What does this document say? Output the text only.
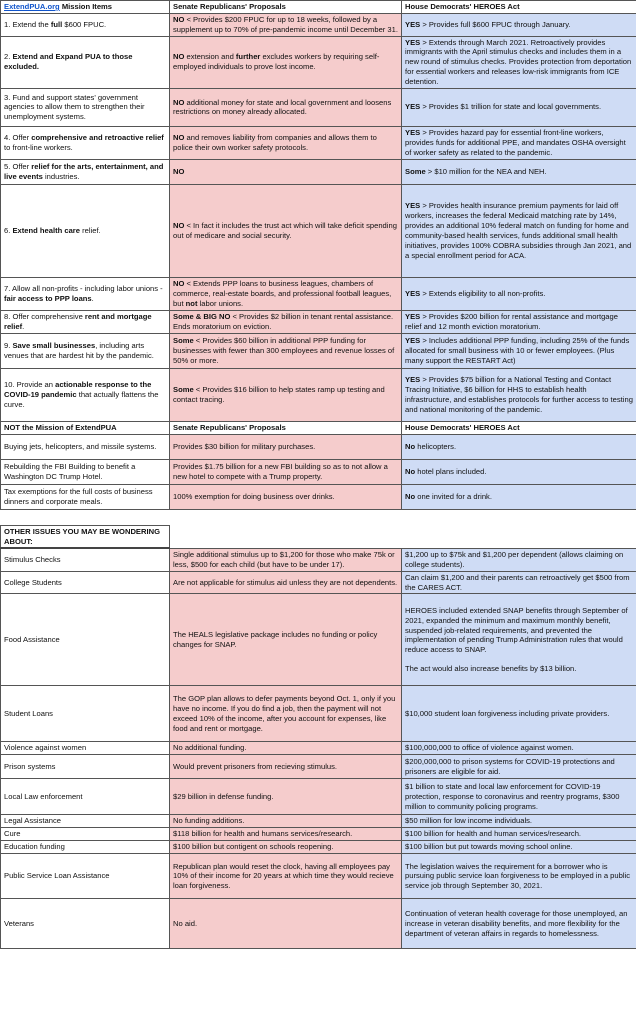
ExtendPUA.org Mission Items	Senate Republicans' Proposals	House Democrats' HEROES Act
1. Extend the full $600 FPUC.	NO < Provides $200 FPUC for up to 18 weeks, followed by a supplement up to 70% of pre-pandemic income until December 31.	YES > Provides full $600 FPUC through January.
2. Extend and Expand PUA to those excluded.	NO extension and further excludes workers by requiring self-employed individuals to prove lost income.	YES > Extends through March 2021. Retroactively provides immigrants with the April stimulus checks and includes them in a new round of stimulus checks. Provides protection from deportation for essential workers and releases low-risk immigrants from ICE detention.
3. Fund and support states' government agencies to allow them to strengthen their unemployment systems.	NO additional money for state and local government and loosens restrictions on money already allocated.	YES > Provides $1 trillion for state and local governments.
4. Offer comprehensive and retroactive relief to front-line workers.	NO and removes liability from companies and allows them to police their own worker safety protocols.	YES > Provides hazard pay for essential front-line workers, provides funds for additional PPE, and mandates OSHA oversight of worker safety as related to the pandemic.
5. Offer relief for the arts, entertainment, and live events industries.	NO	Some > $10 million for the NEA and NEH.
6. Extend health care relief.	NO < In fact it includes the trust act which will take deficit spending out of medicare and social security.	YES > Provides health insurance premium payments for laid off workers, increases the federal Medicaid matching rate by 14%, provides an additional 10% federal match on funding for home and community-based health services, funds additional small health initiatives, provides 100% COBRA subsidies through Jan 2021, and a special enrollment period for ACA.
7. Allow all non-profits - including labor unions - fair access to PPP loans.	NO < Extends PPP loans to business leagues, chambers of commerce, real-estate boards, and professional football leagues, but not labor unions.	YES > Extends eligibility to all non-profits.
8. Offer comprehensive rent and mortgage relief.	Some & BIG NO < Provides $2 billion in tenant rental assistance. Ends moratorium on eviction.	YES > Provides $200 billion for rental assistance and mortgage relief and 12 month eviction moratorium.
9. Save small businesses, including arts venues that are hardest hit by the pandemic.	Some < Provides $60 billion in additional PPP funding for businesses with fewer than 300 employees and revenue losses of 50% or more.	YES > Includes additional PPP funding, including 25% of the funds allocated for small business with 10 or fewer employees. (Plus many support the RESTART Act)
10. Provide an actionable response to the COVID-19 pandemic that actually flattens the curve.	Some < Provides $16 billion to help states ramp up testing and contact tracing.	YES > Provides $75 billion for a National Testing and Contact Tracing Initiative, $6 billion for HHS to establish health infrastructure, and establishes protocols for further access to testing and national monitoring of the pandemic.
NOT the Mission of ExtendPUA	Senate Republicans' Proposals	House Democrats' HEROES Act
Buying jets, helicopters, and missile systems.	Provides $30 billion for military purchases.	No helicopters.
Rebuilding the FBI Building to benefit a Washington DC Trump Hotel.	Provides $1.75 billion for a new FBI building so as to not allow a new hotel to compete with a Trump property.	No hotel plans included.
Tax exemptions for the full costs of business dinners and corporate meals.	100% exemption for doing business over drinks.	No one invited for a drink.

OTHER ISSUES YOU MAY BE WONDERING ABOUT:		
Stimulus Checks	Single additional stimulus up to $1,200 for those who make 75k or less, $500 for each child (but have to be under 17).	$1,200 up to $75k and $1,200 per dependent (allows claiming on college students).

College Students	Are not applicable for stimulus aid unless they are not dependents.	Can claim $1,200 and their parents can retroactively get $500 from the CARES ACT.

Food Assistance	The HEALS legislative package includes no funding or policy changes for SNAP.	HEROES included extended SNAP benefits through September of 2021, expanded the minimum and maximum monthly benefit, suspended job-related requirements, and prevented the implementation of pending Trump Administration rules that would reduce access to SNAP.
The act would also increase benefits by $13 billion.

Student Loans	The GOP plan allows to defer payments beyond Oct. 1, only if you have no income. If you do find a job, then the payment will not exceed 10% of the income, after you account for expenses, like food and rent or mortgage.	$10,000 student loan forgiveness including private providers.

Violence against women	No additional funding.	$100,000,000 to office of violence against women.

Prison systems	Would prevent prisoners from recieving stimulus.	$200,000,000 to prison systems for COVID-19 protections and prisoners are eligible for aid.

Local Law enforcement	$29 billion in defense funding.	$1 billion to state and local law enforcement for COVID-19 protection, response to coronavirus and reentry programs, $300 million to community policing programs.

Legal Assistance	No funding additions.	$50 million for low income individuals.

Cure	$118 billion for health and humans services/research.	$100 billion for health and human services/research.

Education funding	$100 billion but contigent on schools reopening.	$100 billion but put towards moving school online.

Public Service Loan Assistance	Republican plan would reset the clock, having all employees pay 10% of their income for 20 years at which time they would recieve loan forgiveness.	The legislation waives the requirement for a borrower who is pursuing public service loan forgiveness to be employed in a public service job through September 30, 2021.

Veterans	No aid.	Continuation of veteran health coverage for those unemployed, an increase in veteran disability benefits, and more flexibility for the department of veteran affairs in regards to homelessness.
